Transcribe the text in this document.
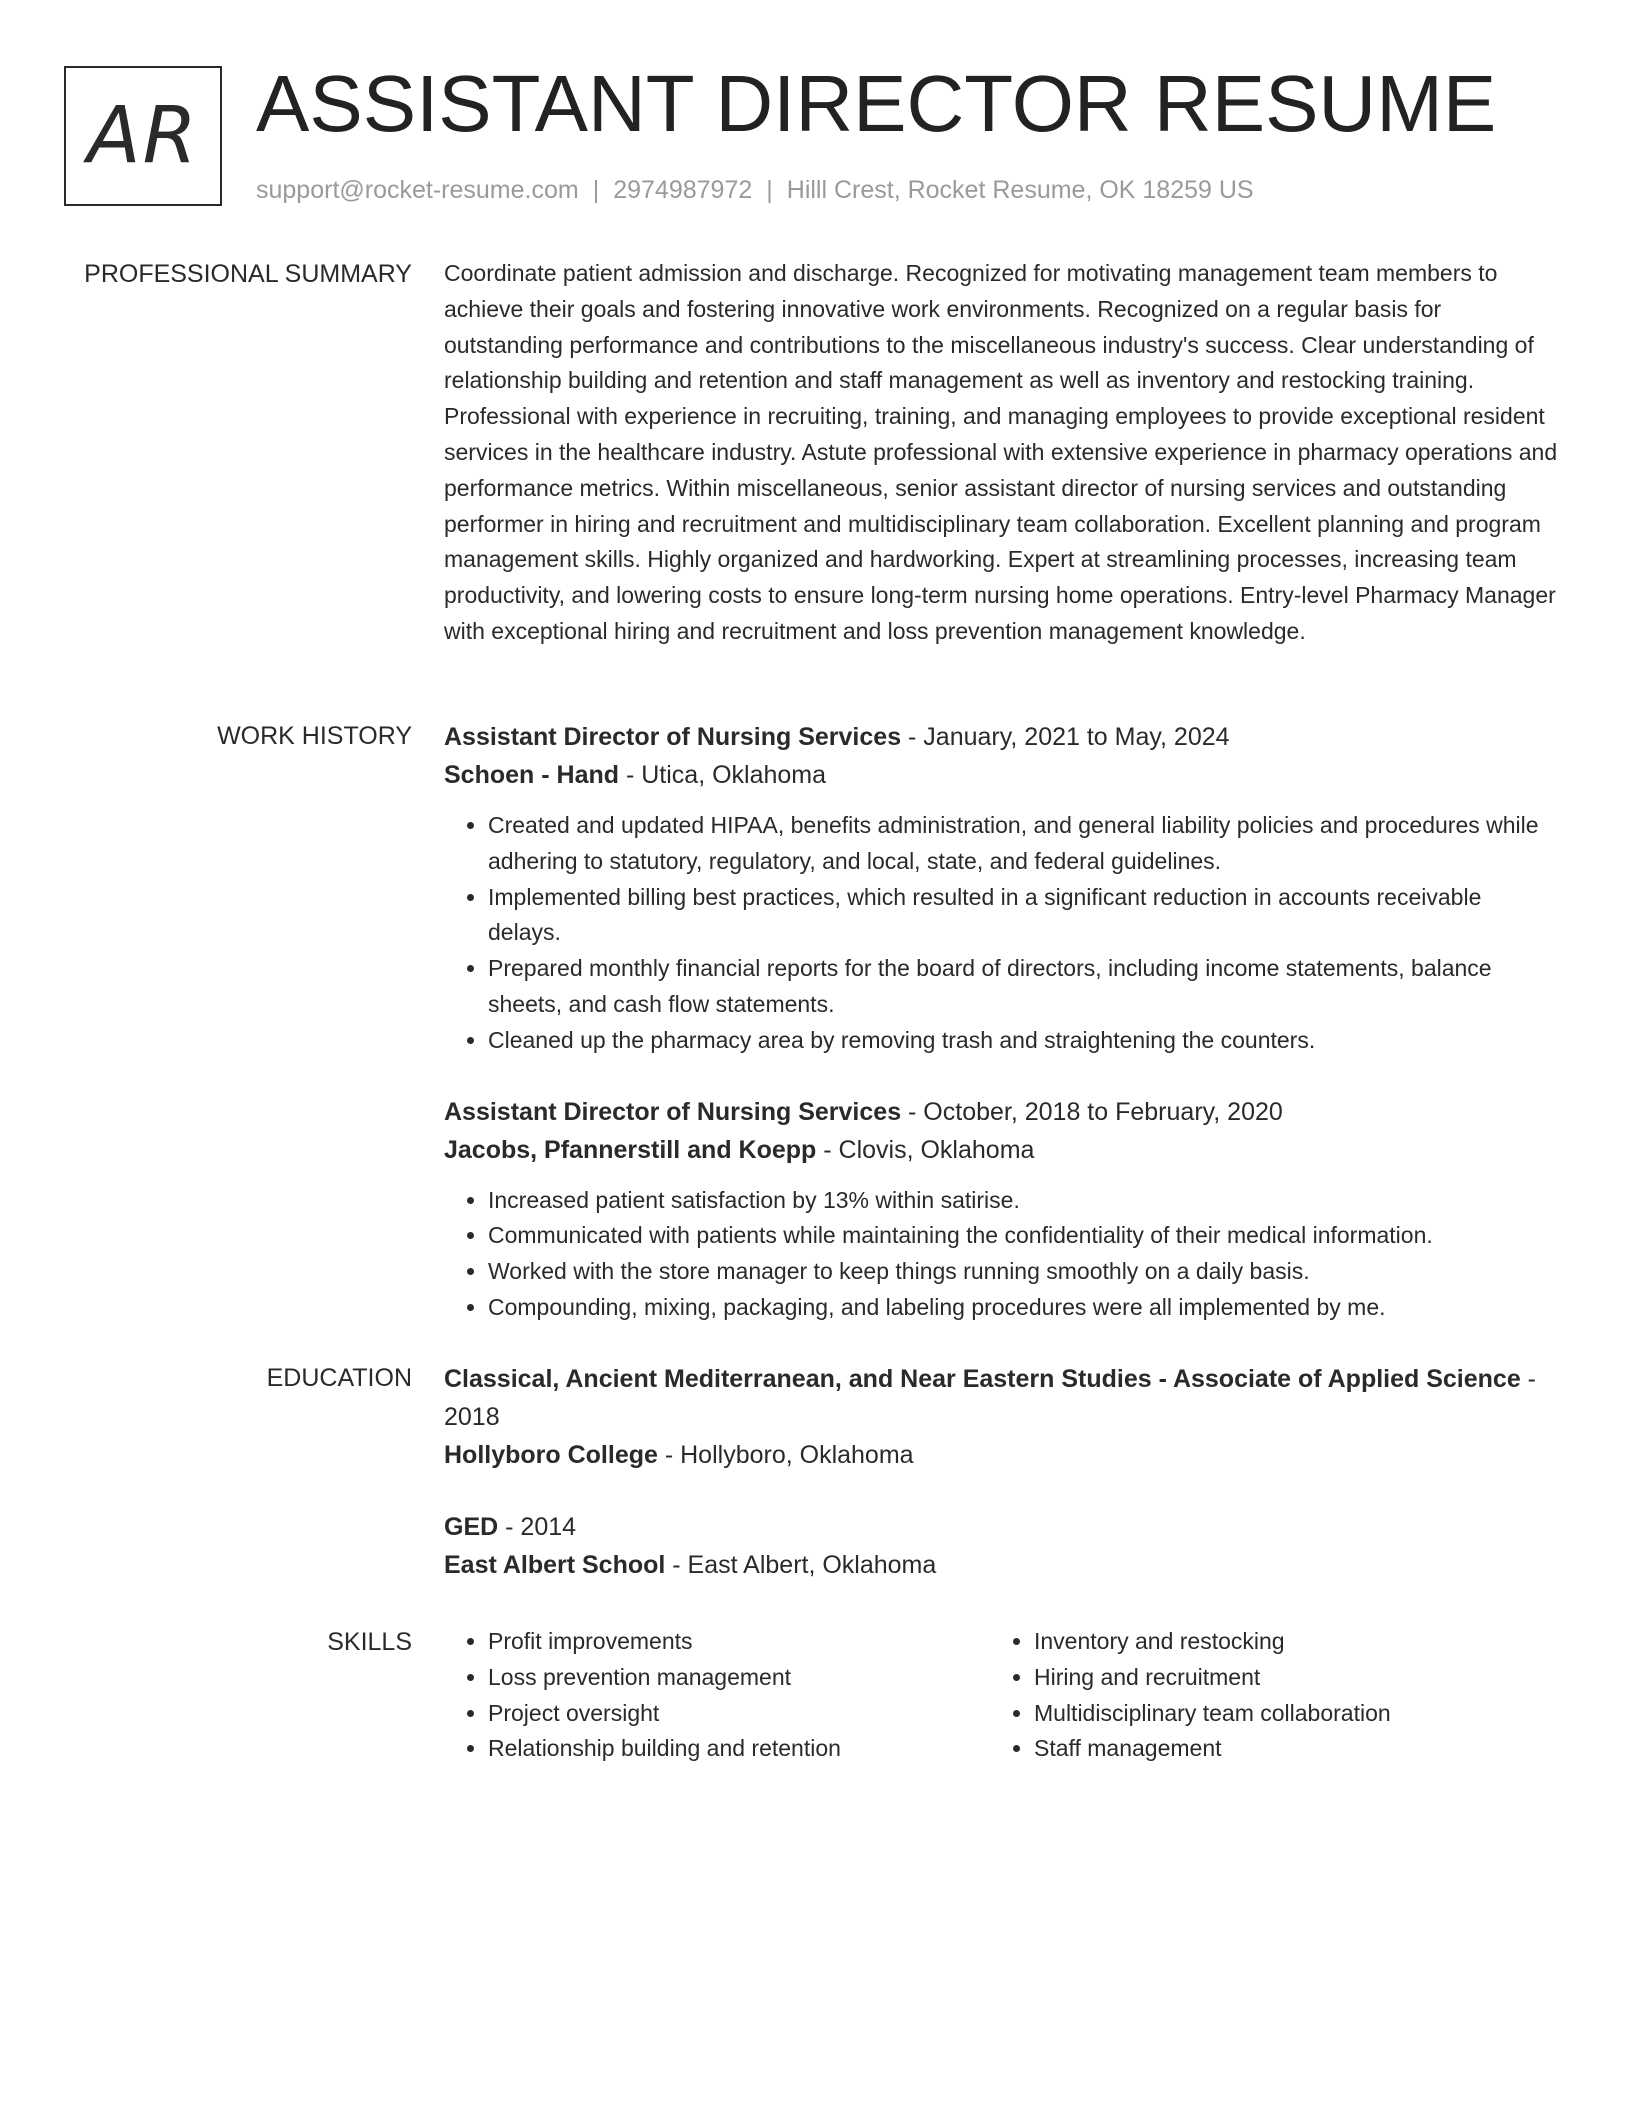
AR ASSISTANT DIRECTOR RESUME
support@rocket-resume.com | 2974987972 | Hilll Crest, Rocket Resume, OK 18259 US
PROFESSIONAL SUMMARY Coordinate patient admission and discharge. Recognized for motivating management team members to achieve their goals and fostering innovative work environments. Recognized on a regular basis for outstanding performance and contributions to the miscellaneous industry's success. Clear understanding of relationship building and retention and staff management as well as inventory and restocking training. Professional with experience in recruiting, training, and managing employees to provide exceptional resident services in the healthcare industry. Astute professional with extensive experience in pharmacy operations and performance metrics. Within miscellaneous, senior assistant director of nursing services and outstanding performer in hiring and recruitment and multidisciplinary team collaboration. Excellent planning and program management skills. Highly organized and hardworking. Expert at streamlining processes, increasing team productivity, and lowering costs to ensure long-term nursing home operations. Entry-level Pharmacy Manager with exceptional hiring and recruitment and loss prevention management knowledge.

WORK HISTORY Assistant Director of Nursing Services - January, 2021 to May, 2024
Schoen - Hand - Utica, Oklahoma
• Created and updated HIPAA, benefits administration, and general liability policies and procedures while adhering to statutory, regulatory, and local, state, and federal guidelines.
• Implemented billing best practices, which resulted in a significant reduction in accounts receivable delays.
• Prepared monthly financial reports for the board of directors, including income statements, balance sheets, and cash flow statements.
• Cleaned up the pharmacy area by removing trash and straightening the counters.
Assistant Director of Nursing Services - October, 2018 to February, 2020
Jacobs, Pfannerstill and Koepp - Clovis, Oklahoma
• Increased patient satisfaction by 13% within satirise.
• Communicated with patients while maintaining the confidentiality of their medical information.
• Worked with the store manager to keep things running smoothly on a daily basis.
• Compounding, mixing, packaging, and labeling procedures were all implemented by me.
EDUCATION Classical, Ancient Mediterranean, and Near Eastern Studies - Associate of Applied Science -
2018
Hollyboro College - Hollyboro, Oklahoma
GED - 2014
East Albert School - East Albert, Oklahoma
SKILLS
•	Profit improvements
• Loss prevention management
• Project oversight
• Relationship building and retention
• Inventory and restocking
• Hiring and recruitment
• Multidisciplinary team collaboration
• Staff management
